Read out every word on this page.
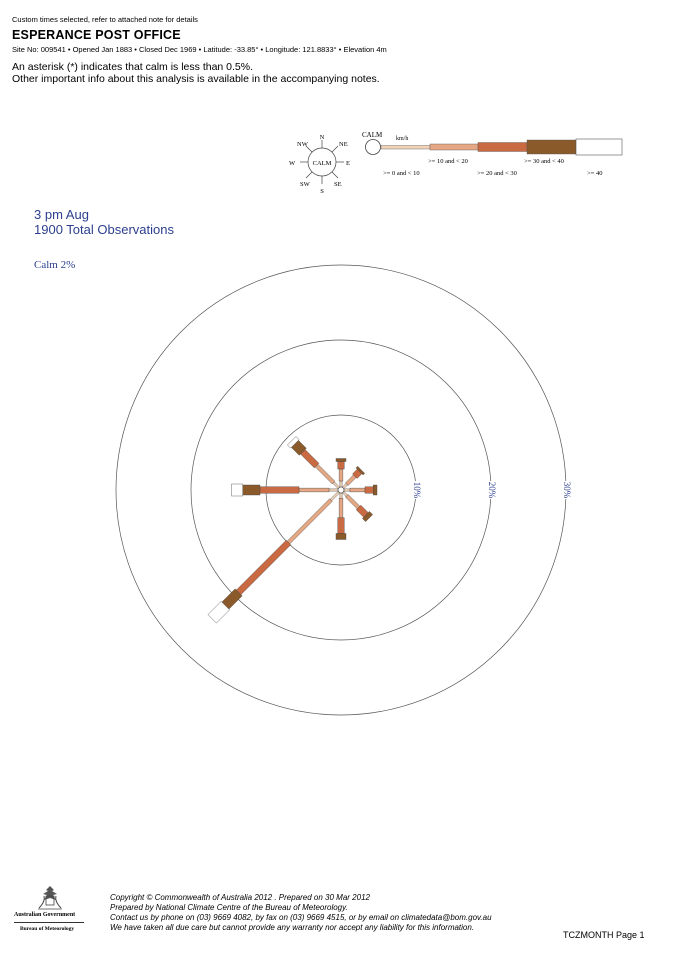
Custom times selected, refer to attached note for details
ESPERANCE POST OFFICE
Site No: 009541 • Opened Jan 1883 • Closed Dec 1969 • Latitude: -33.85° • Longitude: 121.8833° • Elevation 4m
An asterisk (*) indicates that calm is less than 0.5%.
Other important info about this analysis is available in the accompanying notes.
3 pm Aug
1900 Total Observations
Calm 2%
CALM
N
NE
E
SE
S
SW
W
NW
CALM km/h
>= 0 and < 10
>= 10 and < 20
>= 20 and < 30
>= 30 and < 40
>= 40
10%	20%	30%
Australian Government
Bureau of Meteorology
Copyright © Commonwealth of Australia 2012 . Prepared on 30 Mar 2012
Prepared by National Climate Centre of the Bureau of Meteorology.
Contact us by phone on (03) 9669 4082, by fax on (03) 9669 4515, or by email on climatedata@bom.gov.au
We have taken all due care but cannot provide any warranty nor accept any liability for this information.
TCZMONTH Page 1
